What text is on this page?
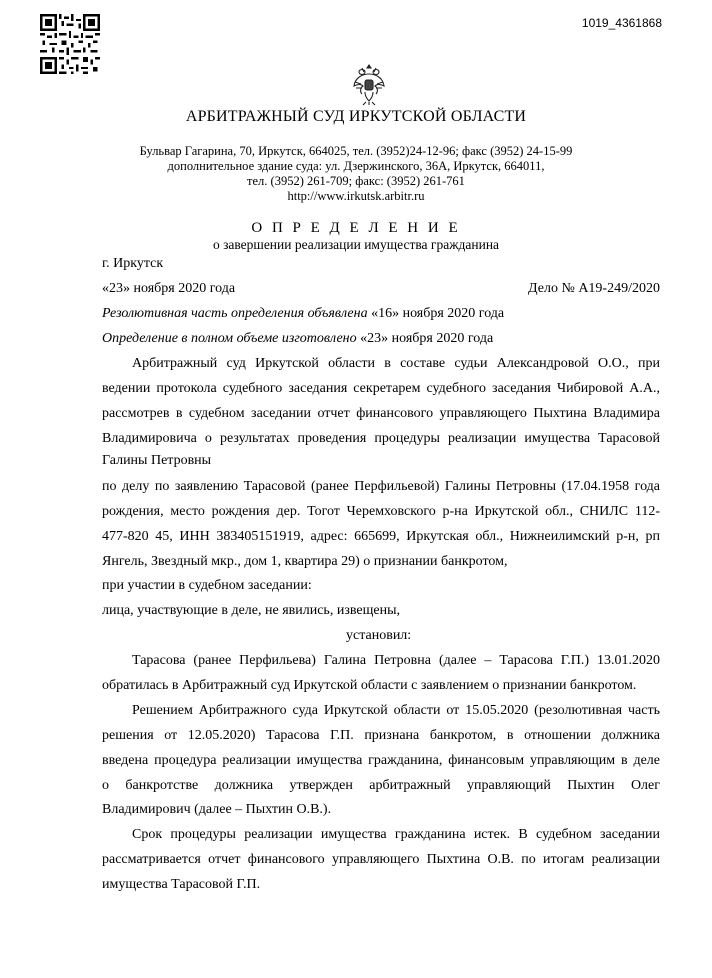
1019_4361868
АРБИТРАЖНЫЙ СУД ИРКУТСКОЙ ОБЛАСТИ
Бульвар Гагарина, 70, Иркутск, 664025, тел. (3952)24-12-96; факс (3952) 24-15-99
дополнительное здание суда: ул. Дзержинского, 36А, Иркутск, 664011,
тел. (3952) 261-709; факс: (3952) 261-761
http://www.irkutsk.arbitr.ru
О П Р Е Д Е Л Е Н И Е
о завершении реализации имущества гражданина
г. Иркутск
«23» ноября 2020 года	Дело № А19-249/2020
Резолютивная часть определения объявлена «16» ноября 2020 года
Определение в полном объеме изготовлено «23» ноября 2020 года
Арбитражный суд Иркутской области в составе судьи Александровой О.О., при
ведении протокола судебного заседания секретарем судебного заседания Чибировой А.А.,
рассмотрев в судебном заседании отчет финансового управляющего Пыхтина Владимира
Владимировича о результатах проведения процедуры реализации имущества Тарасовой
Галины Петровны
по делу по заявлению Тарасовой (ранее Перфильевой) Галины Петровны (17.04.1958 года
рождения, место рождения дер. Тогот Черемховского р-на Иркутской обл., СНИЛС 112-
477-820 45, ИНН 383405151919, адрес: 665699, Иркутская обл., Нижнеилимский р-н, рп
Янгель, Звездный мкр., дом 1, квартира 29) о признании банкротом,
при участии в судебном заседании:
лица, участвующие в деле, не явились, извещены,
установил:
Тарасова (ранее Перфильева) Галина Петровна (далее – Тарасова Г.П.) 13.01.2020
обратилась в Арбитражный суд Иркутской области с заявлением о признании банкротом.
Решением Арбитражного суда Иркутской области от 15.05.2020 (резолютивная часть
решения от 12.05.2020) Тарасова Г.П. признана банкротом, в отношении должника
введена процедура реализации имущества гражданина, финансовым управляющим в деле
о банкротстве должника утвержден арбитражный управляющий Пыхтин Олег
Владимирович (далее – Пыхтин О.В.).
Срок процедуры реализации имущества гражданина истек. В судебном заседании
рассматривается отчет финансового управляющего Пыхтина О.В. по итогам реализации
имущества Тарасовой Г.П.
